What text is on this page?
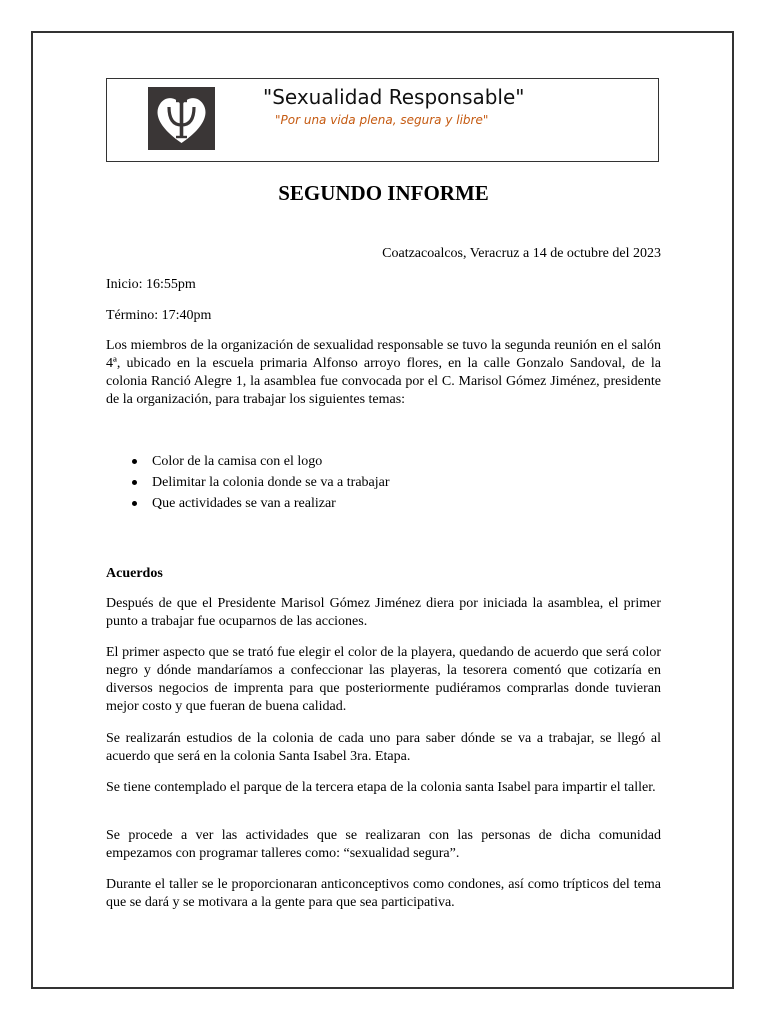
"Sexualidad Responsable"
"Por una vida plena, segura y libre"
SEGUNDO INFORME

Coatzacoalcos, Veracruz a 14 de octubre del 2023

Inicio: 16:55pm

Término: 17:40pm

Los miembros de la organización de sexualidad responsable se tuvo la segunda reunión en el salón 4ª, ubicado en la escuela primaria Alfonso arroyo flores, en la calle Gonzalo Sandoval, de la colonia Ranció Alegre 1, la asamblea fue convocada por el C. Marisol Gómez Jiménez, presidente de la organización, para trabajar los siguientes temas:

Color de la camisa con el logo
Delimitar la colonia donde se va a trabajar
Que actividades se van a realizar

Acuerdos

Después de que el Presidente Marisol Gómez Jiménez diera por iniciada la asamblea, el primer punto a trabajar fue ocuparnos de las acciones.

El primer aspecto que se trató fue elegir el color de la playera, quedando de acuerdo que será color negro y dónde mandaríamos a confeccionar las playeras, la tesorera comentó que cotizaría en diversos negocios de imprenta para que posteriormente pudiéramos comprarlas donde tuvieran mejor costo y que fueran de buena calidad.

Se realizarán estudios de la colonia de cada uno para saber dónde se va a trabajar, se llegó al acuerdo que será en la colonia Santa Isabel 3ra. Etapa.

Se tiene contemplado el parque de la tercera etapa de la colonia santa Isabel para impartir el taller.

Se procede a ver las actividades que se realizaran con las personas de dicha comunidad empezamos con programar talleres como: “sexualidad segura”.

Durante el taller se le proporcionaran anticonceptivos como condones, así como trípticos del tema que se dará y se motivara a la gente para que sea participativa.
